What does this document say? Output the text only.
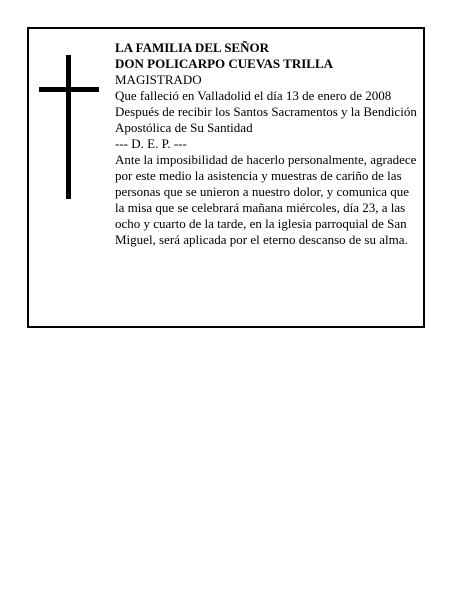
LA FAMILIA DEL SEÑOR

DON POLICARPO CUEVAS TRILLA

MAGISTRADO

Que falleció en Valladolid el día 13 de enero de 2008

Después de recibir los Santos Sacramentos y la Bendición Apostólica de Su Santidad

--- D. E. P. ---

Ante la imposibilidad de hacerlo personalmente, agradece por este medio la asistencia y muestras de cariño de las personas que se unieron a nuestro dolor, y comunica que la misa que se celebrará mañana miércoles, día 23, a las ocho y cuarto de la tarde, en la iglesia parroquial de San Miguel, será aplicada por el eterno descanso de su alma.
